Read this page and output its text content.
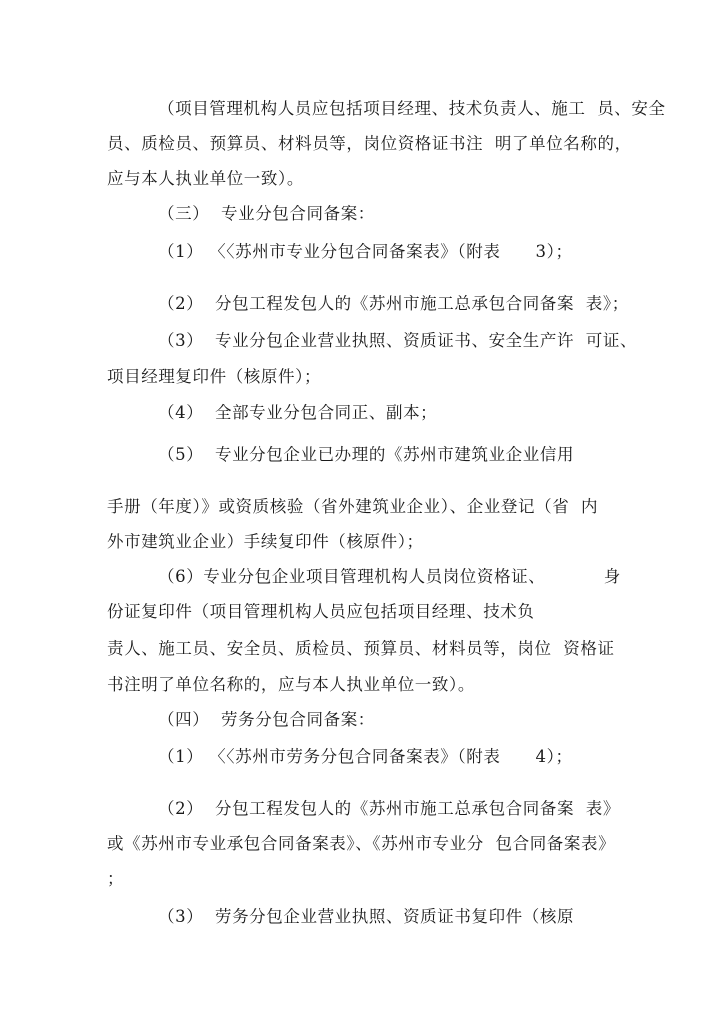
（项目管理机构人员应包括项目经理、技术负责人、施工  员、安全
员、质检员、预算员、材料员等，岗位资格证书注  明了单位名称的，
应与本人执业单位一致）。
（三）  专业分包合同备案：
（1） 〈〈苏州市专业分包合同备案表》（附表      3）；
（2）  分包工程发包人的《苏州市施工总承包合同备案  表》；
（3）  专业分包企业营业执照、资质证书、安全生产许  可证、
项目经理复印件（核原件）；
（4）  全部专业分包合同正、副本；
（5）  专业分包企业已办理的《苏州市建筑业企业信用
手册（年度）》或资质核验（省外建筑业企业）、企业登记（省  内
外市建筑业企业）手续复印件（核原件）；
（6）专业分包企业项目管理机构人员岗位资格证、          身
份证复印件（项目管理机构人员应包括项目经理、技术负
责人、施工员、安全员、质检员、预算员、材料员等，岗位  资格证
书注明了单位名称的，应与本人执业单位一致）。
（四）  劳务分包合同备案：
（1） 〈〈苏州市劳务分包合同备案表》（附表      4）；
（2）  分包工程发包人的《苏州市施工总承包合同备案  表》
或《苏州市专业承包合同备案表》、《苏州市专业分  包合同备案表》
；
（3）  劳务分包企业营业执照、资质证书复印件（核原
